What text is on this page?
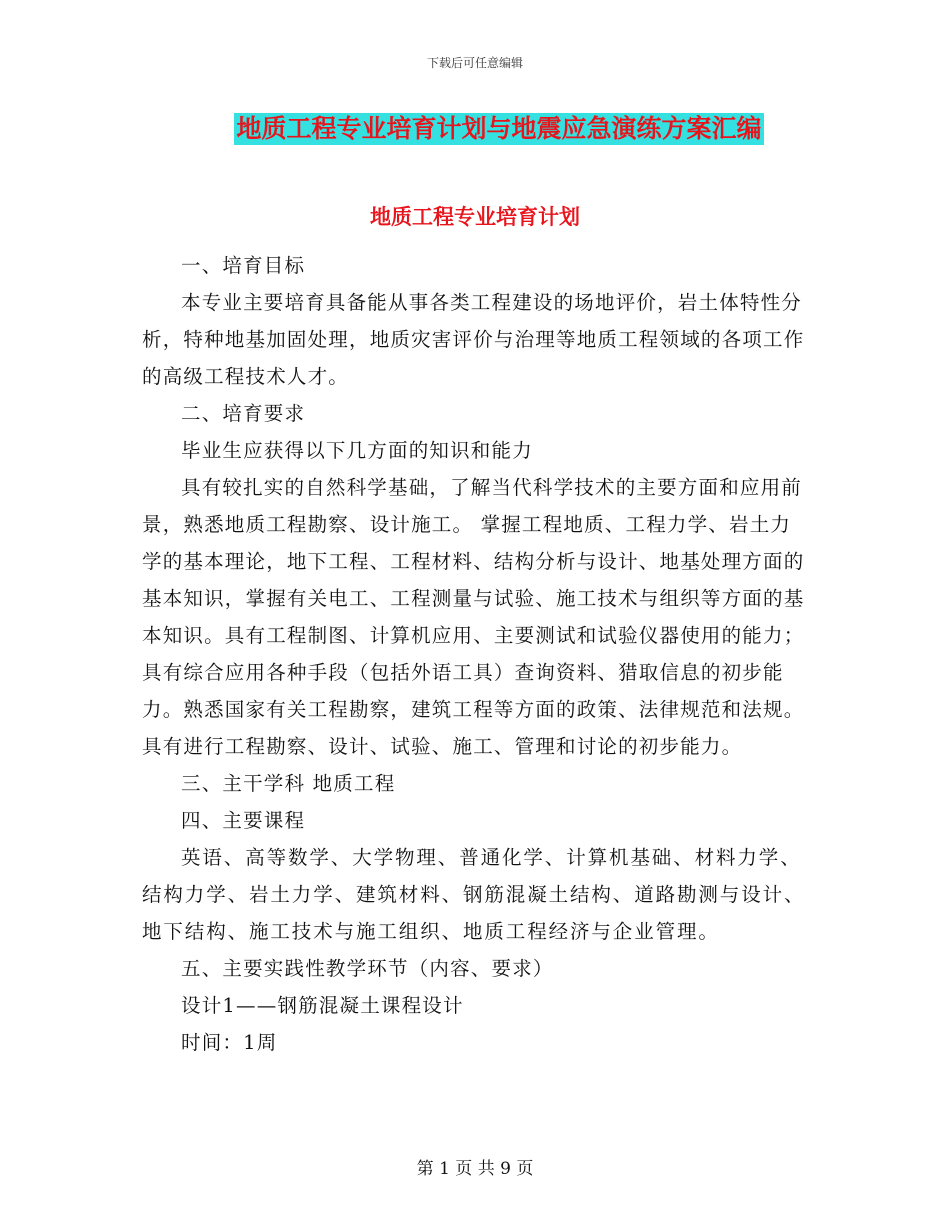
下载后可任意编辑
地质工程专业培育计划与地震应急演练方案汇编
地质工程专业培育计划

一、培育目标

本专业主要培育具备能从事各类工程建设的场地评价，岩土体特性分析，特种地基加固处理，地质灾害评价与治理等地质工程领域的各项工作的高级工程技术人才。

二、培育要求

毕业生应获得以下几方面的知识和能力

具有较扎实的自然科学基础，了解当代科学技术的主要方面和应用前景，熟悉地质工程勘察、设计施工。 掌握工程地质、工程力学、岩土力学的基本理论，地下工程、工程材料、结构分析与设计、地基处理方面的基本知识，掌握有关电工、工程测量与试验、施工技术与组织等方面的基本知识。具有工程制图、计算机应用、主要测试和试验仪器使用的能力；具有综合应用各种手段（包括外语工具）查询资料、猎取信息的初步能力。熟悉国家有关工程勘察，建筑工程等方面的政策、法律规范和法规。具有进行工程勘察、设计、试验、施工、管理和讨论的初步能力。

三、主干学科 地质工程

四、主要课程

英语、高等数学、大学物理、普通化学、计算机基础、材料力学、结构力学、岩土力学、建筑材料、钢筋混凝土结构、道路勘测与设计、地下结构、施工技术与施工组织、地质工程经济与企业管理。

五、主要实践性教学环节（内容、要求）

设计1——钢筋混凝土课程设计

时间：1周

第 1 页 共 9 页
